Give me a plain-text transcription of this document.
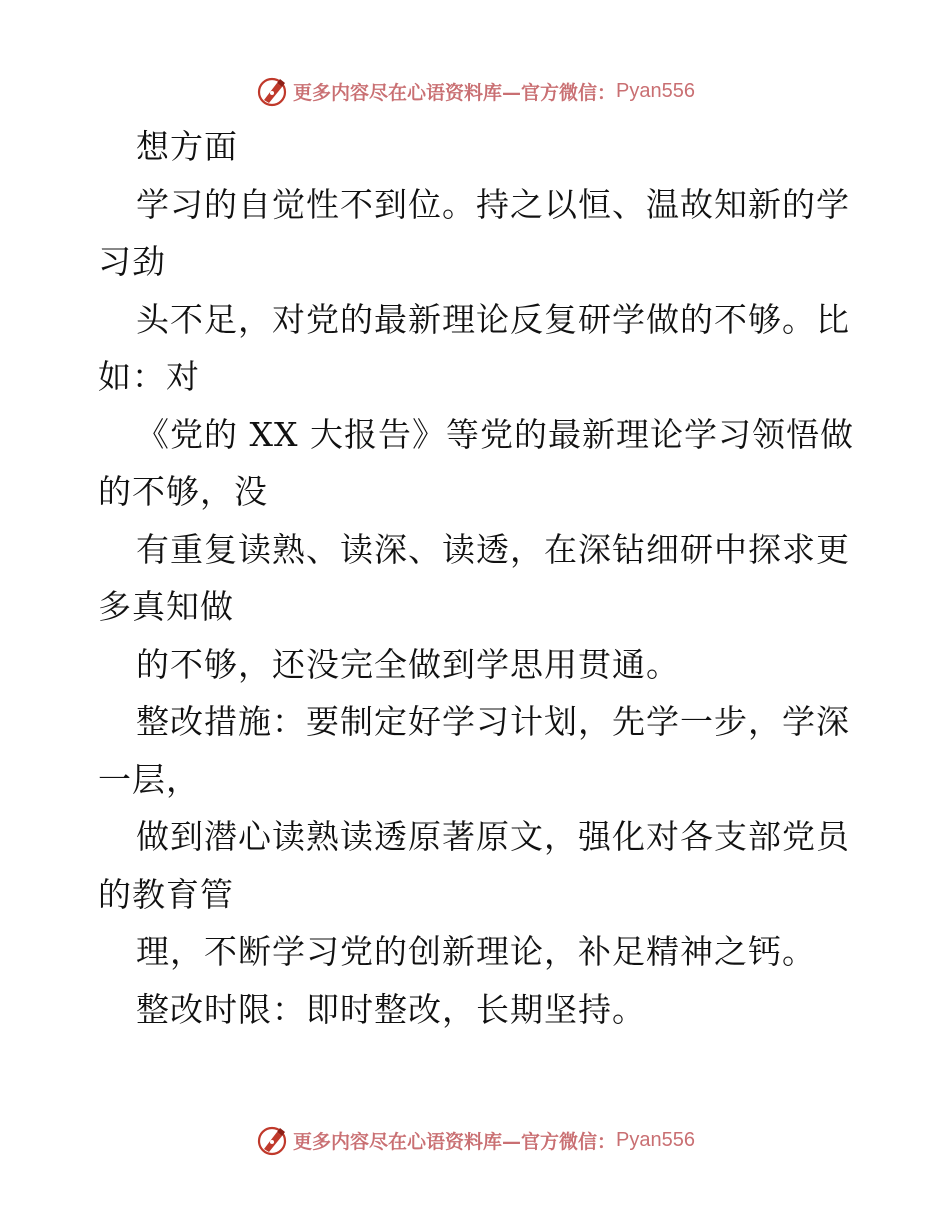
更多内容尽在心语资料库—官方微信： Pyan556
想方面
学习的自觉性不到位。持之以恒、温故知新的学
习劲
头不足，对党的最新理论反复研学做的不够。比
如：对
《党的 XX 大报告》等党的最新理论学习领悟做
的不够，没
有重复读熟、读深、读透，在深钻细研中探求更
多真知做
的不够，还没完全做到学思用贯通。
整改措施：要制定好学习计划，先学一步，学深
一层，
做到潜心读熟读透原著原文，强化对各支部党员
的教育管
理，不断学习党的创新理论，补足精神之钙。
整改时限：即时整改，长期坚持。
更多内容尽在心语资料库—官方微信： Pyan556
